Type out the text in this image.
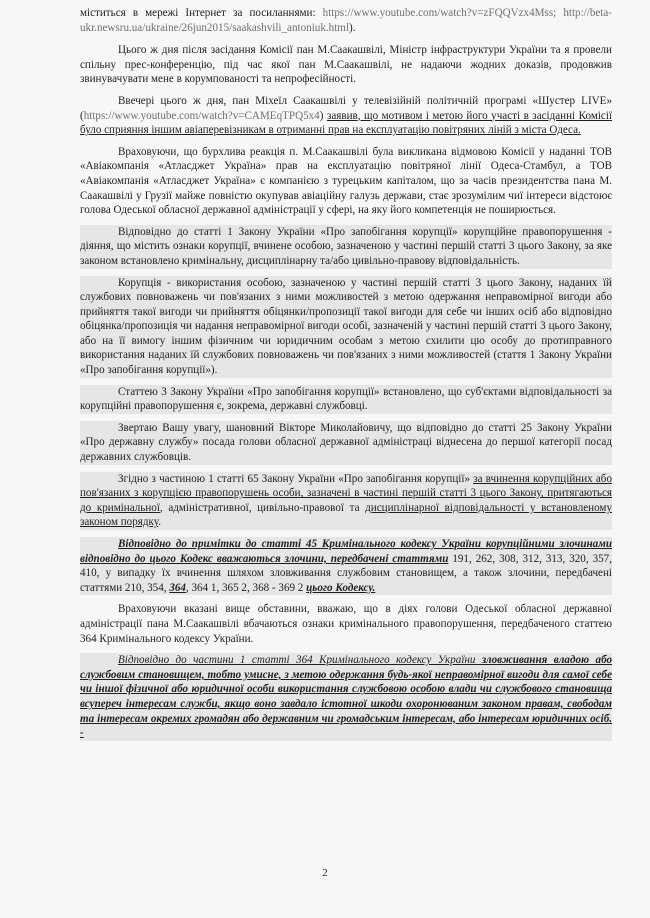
міститься в мережі Інтернет за посиланнями: https://www.youtube.com/watch?v=zFQQVzx4Mss; http://beta-ukr.newsru.ua/ukraine/26jun2015/saakashvili_antoniuk.html).

Цього ж дня після засідання Комісії пан М.Саакашвілі, Міністр інфраструктури України та я провели спільну прес-конференцію, під час якої пан М.Саакашвілі, не надаючи жодних доказів, продовжив звинувачувати мене в корумпованості та непрофесійності.

Ввечері цього ж дня, пан Міхеїл Саакашвілі у телевізійній політичній програмі «Шустер LIVE» (https://www.youtube.com/watch?v=CAMEqTPQ5x4) заявив, що мотивом і метою його участі в засіданні Комісії було сприяння іншим авіаперевізникам в отриманні прав на експлуатацію повітряних ліній з міста Одеса.

Враховуючи, що бурхлива реакція п. М.Саакашвілі була викликана відмовою Комісії у наданні ТОВ «Авіакомпанія «Атласджет Україна» прав на експлуатацію повітряної лінії Одеса-Стамбул, а ТОВ «Авіакомпанія «Атласджет Україна» є компанією з турецьким капіталом, що за часів президентства пана М. Саакашвілі у Грузії майже повністю окупував авіаційну галузь держави, стає зрозумілим чиї інтереси відстоює голова Одеської обласної державної адміністрації у сфері, на яку його компетенція не поширюється.

Відповідно до статті 1 Закону України «Про запобігання корупції» корупційне правопорушення - діяння, що містить ознаки корупції, вчинене особою, зазначеною у частині першій статті 3 цього Закону, за яке законом встановлено кримінальну, дисциплінарну та/або цивільно-правову відповідальність.

Корупція - використання особою, зазначеною у частині першій статті 3 цього Закону, наданих їй службових повноважень чи пов'язаних з ними можливостей з метою одержання неправомірної вигоди або прийняття такої вигоди чи прийняття обіцянки/пропозиції такої вигоди для себе чи інших осіб або відповідно обіцянка/пропозиція чи надання неправомірної вигоди особі, зазначеній у частині першій статті 3 цього Закону, або на її вимогу іншим фізичним чи юридичним особам з метою схилити цю особу до протиправного використання наданих їй службових повноважень чи пов'язаних з ними можливостей (стаття 1 Закону України «Про запобігання корупції»).

Статтею 3 Закону України «Про запобігання корупції» встановлено, що суб'єктами відповідальності за корупційні правопорушення є, зокрема, державні службовці.

Звертаю Вашу увагу, шановний Вікторе Миколайовичу, що відповідно до статті 25 Закону України «Про державну службу» посада голови обласної державної адміністраці віднесена до першої категорії посад державних службовців.

Згідно з частиною 1 статті 65 Закону України «Про запобігання корупції» за вчинення корупційних або пов'язаних з корупцією правопорушень особи, зазначені в частині першій статті 3 цього Закону, притягаються до кримінальної, адміністративної, цивільно-правової та дисциплінарної відповідальності у встановленому законом порядку.

Відповідно до примітки до статті 45 Кримінального кодексу України корупційними злочинами відповідно до цього Кодекс вважаються злочини, передбачені статтями 191, 262, 308, 312, 313, 320, 357, 410, у випадку їх вчинення шляхом зловживання службовим становищем, а також злочини, передбачені статтями 210, 354, 364, 364 1, 365 2, 368 - 369 2 цього Кодексу.

Враховуючи вказані вище обставини, вважаю, що в діях голови Одеської обласної державної адміністрації пана М.Саакашвілі вбачаються ознаки кримінального правопорушення, передбаченого статтею 364 Кримінального кодексу України.

Відповідно до частини 1 статті 364 Кримінального кодексу України зловживання владою або службовим становищем, тобто умисне, з метою одержання будь-якої неправомірної вигоди для самої себе чи іншої фізичної або юридичної особи використання службовою особою влади чи службового становища всупереч інтересам служби, якщо воно завдало істотної шкоди охоронюваним законом правам, свободам та інтересам окремих громадян або державним чи громадським інтересам, або інтересам юридичних осіб. -

2
